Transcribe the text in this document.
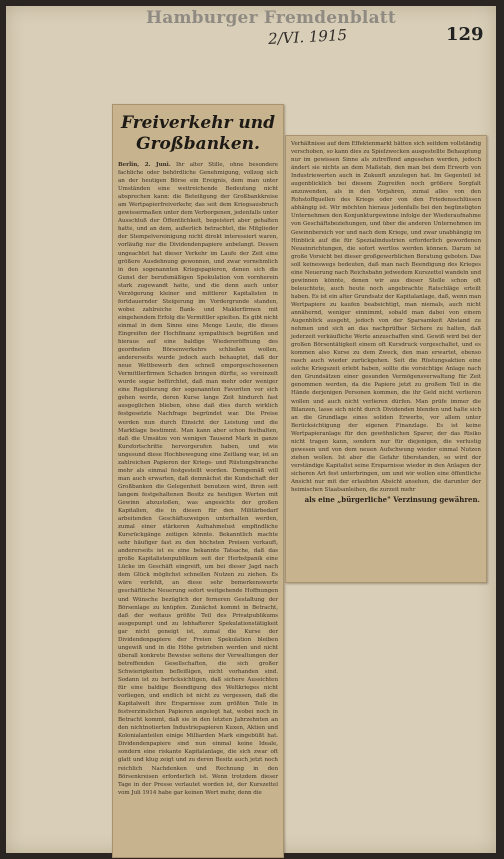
Hamburger Fremdenblatt
2/VI. 1915	129
Freiverkehr und Großbanken.
Berlin, 2. Juni. Ihr alter Stille, ohne besondere fachliche oder behördliche Genehmigung, vollzog sich an der heutigen Börse ein Ereignis, dem man unter Umständen eine weitreichende Bedeutung nicht absprechen kann: die Beteiligung der Großbankkreise am Wertpapierfreiverkehr, das seit dem Kriegsausbruch gewissermaßen unter dem Verborgenen, jedenfalls unter Ausschluß der Öffentlichkeit, begeistert aber gehalten hatte, und an dem, außerlich betrachtet, die Mitglieder der Stempelvereinigung nicht direkt interessiert waren, vorläufig nur die Dividendenpapiere anbelangt. Dessen ungeachtet hat dieser Verkehr im Laufe der Zeit eine größere Ausdehnung gewonnen, und zwar vornehmlich in den sogenannten Kriegspapieren, denen sich die Gunst der berufsmäßigen Spekulation von vornherein stark zugewandt hatte, und die denn auch unter Verzögerung kleiner und mittlerer Kapitalisten in fortdauernder Steigerung im Vordergrunde standen, wobei zahlreiche Bank- und Maklerfirmen mit eingehendem Erfolg die Vermittler spielten. Es gibt nicht einmal in dem Sinne eine Menge Leute, die dieses Eingreifen der Hochfinanz sympathisch begrüßen und hieraus auf eine baldige Wiedereröffnung des geordneten Börsenverkehrs schließen wollen, andererseits wurde jedoch auch behauptet, daß der neue Wettbewerb den schnell emporgeschossenen Vermittlerfirmen Schaden bringen dürfte, so vereinzelt wurde sogar befürchtet, daß man mehr oder weniger eine Regulierung der sogenannten Favoriten vor sich gehen werde, deren Kurse lange Zeit hindurch fast ausgeglichen blieben, ohne daß dies durch wirklich festgesetzte Nachfrage begründet war. Die Preise werden nun durch Einsicht der Leistung und die Marktlage bestimmt. Man kann aber schon festhalten, daß die Umsätze von wenigen Tausend Mark in ganze Kursfortschritte hervorgerufen haben, und wie ungesund diese Hochbewegung eine Zeitlang war, ist an zahlreichen Papieren der Kriegs- und Rüstungsbranche mehr als einmal festgestellt worden. Demgemäß will man auch erwarten, daß demnächst die Kundschaft der Großbanken die Gelegenheit benutzen wird, ihren seit langem festgehaltenen Besitz zu heutigen Werten mit Gewinn abzustoßen, was angesichts der großen Kapitalien, die in diesen für den Militärbedarf arbeitenden Geschäftszweigen unterhalten werden, zumal einer stärkeren Aufnahmelust empfindliche Kursrückgänge zeitigen könnte. Bekanntlich machte sehr häufiger fast zu den höchsten Preisen verkauft, andererseits ist es eine bekannte Tatsache, daß das große Kapitalistenpublikum seit der Herbstpanik eine Lücke im Geschäft eingreift, um bei dieser Jagd nach dem Glück möglichst schnellen Nutzen zu ziehen. Es wäre verfehlt, an diese sehr bemerkenswerte geschäftliche Neuerung sofort weitgehende Hoffnungen und Wünsche bezüglich der ferneren Gestaltung der Börsenlage zu knüpfen. Zunächst kommt in Betracht, daß der weitaus größte Teil des Privatpublikums ausgepumpt und zu lebhafterer Spekulationstätigkeit gar nicht geneigt ist, zumal die Kurse der Dividendenpapiere der Freien Spekulation bleiben ungewiß und in die Höhe getrieben werden und nicht überall konkrete Beweise seitens der Verwaltungen der betreffenden Gesellschaften, die sich großer Schwierigkeiten befleißigen, nicht vorhanden sind. Sodann ist zu berücksichtigen, daß sichere Aussichten für eine baldige Beendigung des Weltkrieges nicht vorliegen, und endlich ist nicht zu vergessen, daß die Kapitalwelt ihre Ersparnisse zum größten Teile in festverzinslichen Papieren angelegt hat, wobei noch in Betracht kommt, daß sie in den letzten Jahrzehnten an den nichtnotierten Industriepapieren Kuxen, Aktien und Kolonialanteilen einige Milliarden Mark eingebüßt hat. Dividendenpapiere sind nun einmal keine Ideale, sondern eine riskante Kapitalanlage, die sich zwar oft glatt und klug zeigt und zu deren Besitz auch jetzt noch reichlich Nachdenken und Rechnung in den Börsenkreisen erforderlich ist. Wenn trotzdem dieser Tage in der Presse verlautet worden ist, der Kurszettel vom Juli 1914 habe gar keinen Wert mehr, denn die
Verhältnisse auf dem Effektenmarkt hätten sich seitdem vollständig verschoben, so kann dies zu Spielzwecken ausgestellte Behauptung nur im gewissen Sinne als zutreffend angesehen werden, jedoch ändert sie nichts an dem Maßstab, den man bei dem Erwerb von Industriewerten auch in Zukunft anzulegen hat. Im Gegenteil ist augenblicklich bei diesem Zugreifen noch größere Sorgfalt anzuwenden, als in den Vorjahren, zumal alles von den Rohstoffquellen des Kriegs oder von den Friedensschlüssen abhängig ist. Wir möchten hieraus jedenfalls bei den begünstigten Unternehmen den Konjunkturgewinne infolge der Wiederaufnahme von Geschäftsbeziehungen, und über die anderen Unternehmen im Gewinnbereich vor und nach dem Kriege, und zwar unabhängig im Hinblick auf die für Spezialindustrien erforderlich gewordenen Neueinrichtungen, die sofort wertlos werden können. Darum ist große Vorsicht bei dieser großgewerblichen Beratung geboten. Das soll keineswegs bedeuten, daß man nach Beendigung des Krieges eine Neuerung nach Reichsbahn jedwedem Kurszettel wandeln und gewinnen könnte, denen wir aus dieser Stelle schon oft beleuchtete, auch heute noch angebrachte Ratschläge erteilt haben. Es ist ein alter Grundsatz der Kapitalanlage, daß, wenn man Wertpapiere zu kaufen beabsichtigt, man niemals, auch nicht annähernd, weniger einnimmt, sobald man dabei von einem Augenblick ausgeht, jedoch von der Sparsamkeit Abstand zu nehmen und sich an das nachprüfbar Sichere zu halten, daß jederzeit verkäufliche Werte anzuschaffen sind. Gewiß wird bei der großen Börsentätigkeit einem oft Kursdruck vorgeschaltet, und es kommen also Kurse zu dem Zweck, den man erwartet, ebenso rasch auch wieder zurückgehen. Seit die Rüstungsaktien eine solche Kriegszeit erlebt haben, sollte die vorsichtige Anlage nach den Grundsätzen einer gesunden Vermögensverwaltung für Zeit genommen werden, da die Papiere jetzt zu großem Teil in die Hände derjenigen Personen kommen, die ihr Geld nicht verlieren wollen und auch nicht verlieren dürfen. Man prüfe immer die Bilanzen, lasse sich nicht durch Dividenden blenden und halte sich an die Grundlage eines soliden Erwerbs, vor allem unter Berücksichtigung der eigenen Finanzlage. Es ist keine Wertpapieranlage für den gewöhnlichen Sparer, der das Risiko nicht tragen kann, sondern nur für diejenigen, die verlustig gewesen und von dem neuen Aufschwung wieder einmal Nutzen ziehen wollen. Ist aber die Gefahr überstanden, so wird der verständige Kapitalist seine Ersparnisse wieder in den Anlagen der sicheren Art fest unterbringen, um und wir wollen eine öffentliche Ansicht nur mit der erlaubten Absicht ansehen, die darunter der heimischen Staatsanleihen, die zurzeit mehr
als eine „bürgerliche" Verzinsung gewähren.
